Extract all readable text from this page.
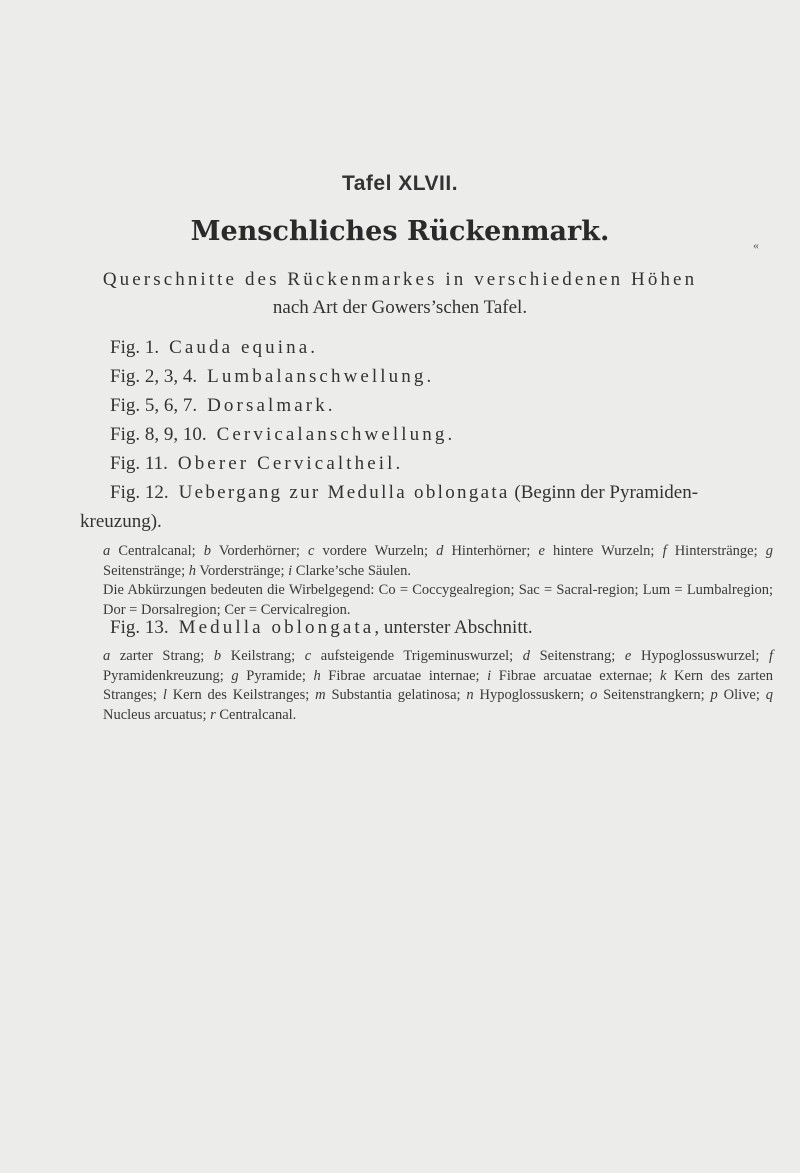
Tafel XLVII.
Menschliches Rückenmark.	«
Querschnitte des Rückenmarkes in verschiedenen Höhen
nach Art der Gowers’schen Tafel.
Fig. 1. Cauda equina.
Fig. 2, 3, 4. Lumbalanschwellung.
Fig. 5, 6, 7. Dorsalmark.
Fig. 8, 9, 10. Cervicalanschwellung.
Fig. 11. Oberer Cervicaltheil.
Fig. 12. Uebergang zur Medulla oblongata (Beginn der Pyramiden-
kreuzung).

a Centralcanal; b Vorderhörner; c vordere Wurzeln; d Hinterhörner; e hintere Wurzeln; f Hinterstränge; g Seitenstränge; h Vorderstränge; i Clarke’sche Säulen.

Die Abkürzungen bedeuten die Wirbelgegend: Co = Coccygealregion; Sac = Sacral-region; Lum = Lumbalregion; Dor = Dorsalregion; Cer = Cervicalregion.

Fig. 13. Medulla oblongata, unterster Abschnitt.

a zarter Strang; b Keilstrang; c aufsteigende Trigeminuswurzel; d Seitenstrang; e Hypoglossuswurzel; f Pyramidenkreuzung; g Pyramide; h Fibrae arcuatae internae; i Fibrae arcuatae externae; k Kern des zarten Stranges; l Kern des Keilstranges; m Substantia gelatinosa; n Hypoglossuskern; o Seitenstrangkern; p Olive; q Nucleus arcuatus; r Centralcanal.
